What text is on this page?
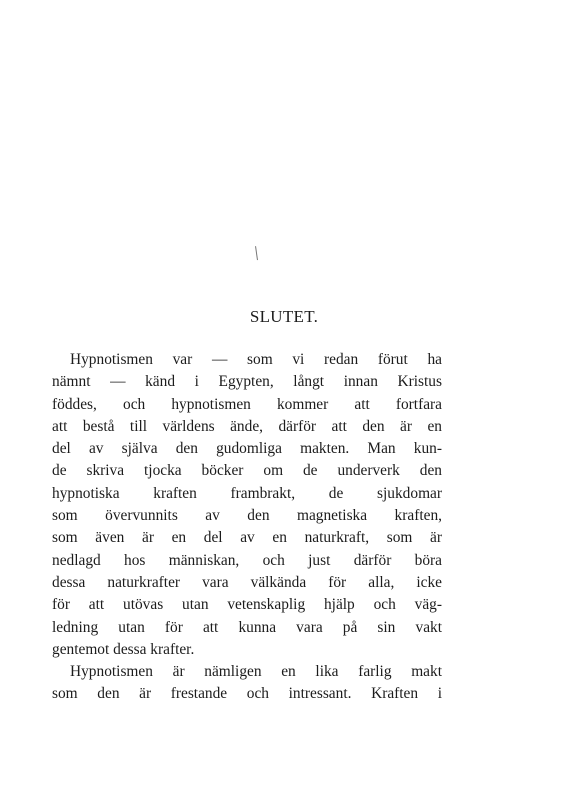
SLUTET.
Hypnotismen var — som vi redan förut ha
nämnt — känd i Egypten, långt innan Kristus
föddes, och hypnotismen kommer att fortfara
att bestå till världens ände, därför att den är en
del av själva den gudomliga makten. Man kun-
de skriva tjocka böcker om de underverk den
hypnotiska kraften frambrakt, de sjukdomar
som övervunnits av den magnetiska kraften,
som även är en del av en naturkraft, som är
nedlagd hos människan, och just därför böra
dessa naturkrafter vara välkända för alla, icke
för att utövas utan vetenskaplig hjälp och väg-
ledning utan för att kunna vara på sin vakt
gentemot dessa krafter.
Hypnotismen är nämligen en lika farlig makt
som den är frestande och intressant. Kraften i
